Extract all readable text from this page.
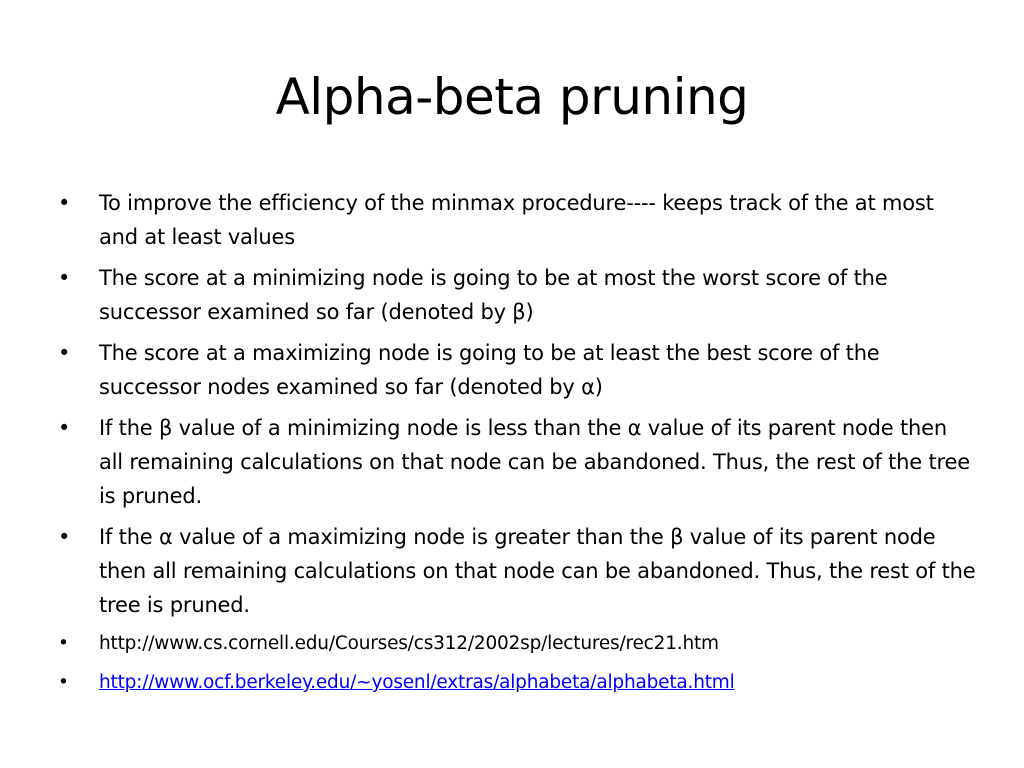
Alpha-beta pruning
• To improve the efficiency of the minmax procedure---- keeps track of the at most and at least values
• The score at a minimizing node is going to be at most the worst score of the successor examined so far (denoted by β)
• The score at a maximizing node is going to be at least the best score of the successor nodes examined so far (denoted by α)
• If the β value of a minimizing node is less than the α value of its parent node then all remaining calculations on that node can be abandoned. Thus, the rest of the tree is pruned.
• If the α value of a maximizing node is greater than the β value of its parent node then all remaining calculations on that node can be abandoned. Thus, the rest of the tree is pruned.
• http://www.cs.cornell.edu/Courses/cs312/2002sp/lectures/rec21.htm
• http://www.ocf.berkeley.edu/~yosenl/extras/alphabeta/alphabeta.html
